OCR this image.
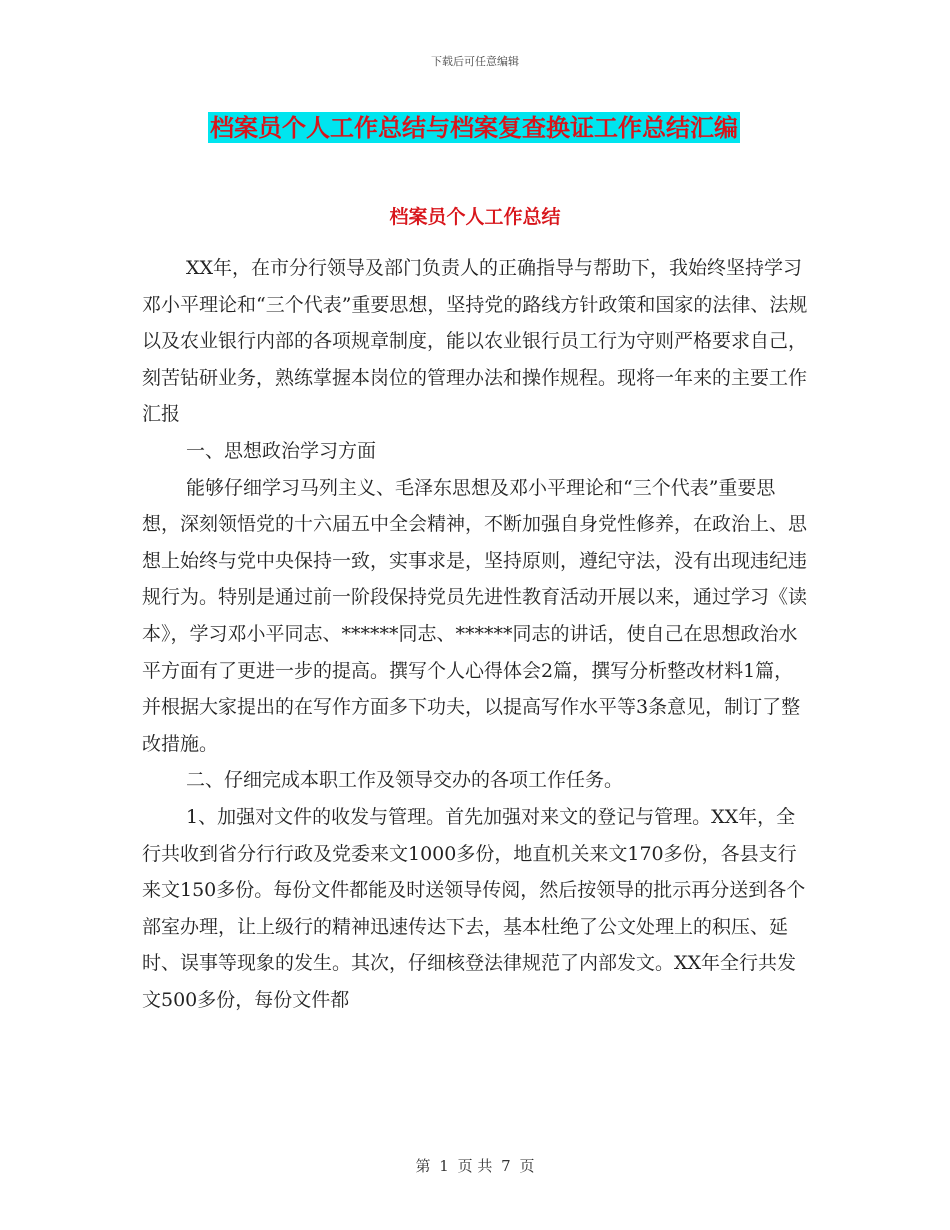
下载后可任意编辑
档案员个人工作总结与档案复查换证工作总结汇编
档案员个人工作总结

XX年，在市分行领导及部门负责人的正确指导与帮助下，我始终坚持学习邓小平理论和“三个代表”重要思想，坚持党的路线方针政策和国家的法律、法规以及农业银行内部的各项规章制度，能以农业银行员工行为守则严格要求自己，刻苦钻研业务，熟练掌握本岗位的管理办法和操作规程。现将一年来的主要工作汇报

一、思想政治学习方面

能够仔细学习马列主义、毛泽东思想及邓小平理论和“三个代表”重要思想，深刻领悟党的十六届五中全会精神，不断加强自身党性修养，在政治上、思想上始终与党中央保持一致，实事求是，坚持原则，遵纪守法，没有出现违纪违规行为。特别是通过前一阶段保持党员先进性教育活动开展以来，通过学习《读本》，学习邓小平同志、******同志、******同志的讲话，使自己在思想政治水平方面有了更进一步的提高。撰写个人心得体会2篇，撰写分析整改材料1篇，并根据大家提出的在写作方面多下功夫，以提高写作水平等3条意见，制订了整改措施。

二、仔细完成本职工作及领导交办的各项工作任务。

1、加强对文件的收发与管理。首先加强对来文的登记与管理。XX年，全行共收到省分行行政及党委来文1000多份，地直机关来文170多份，各县支行来文150多份。每份文件都能及时送领导传阅，然后按领导的批示再分送到各个部室办理，让上级行的精神迅速传达下去，基本杜绝了公文处理上的积压、延时、误事等现象的发生。其次，仔细核登法律规范了内部发文。XX年全行共发文500多份，每份文件都

第 1 页 共 7 页
